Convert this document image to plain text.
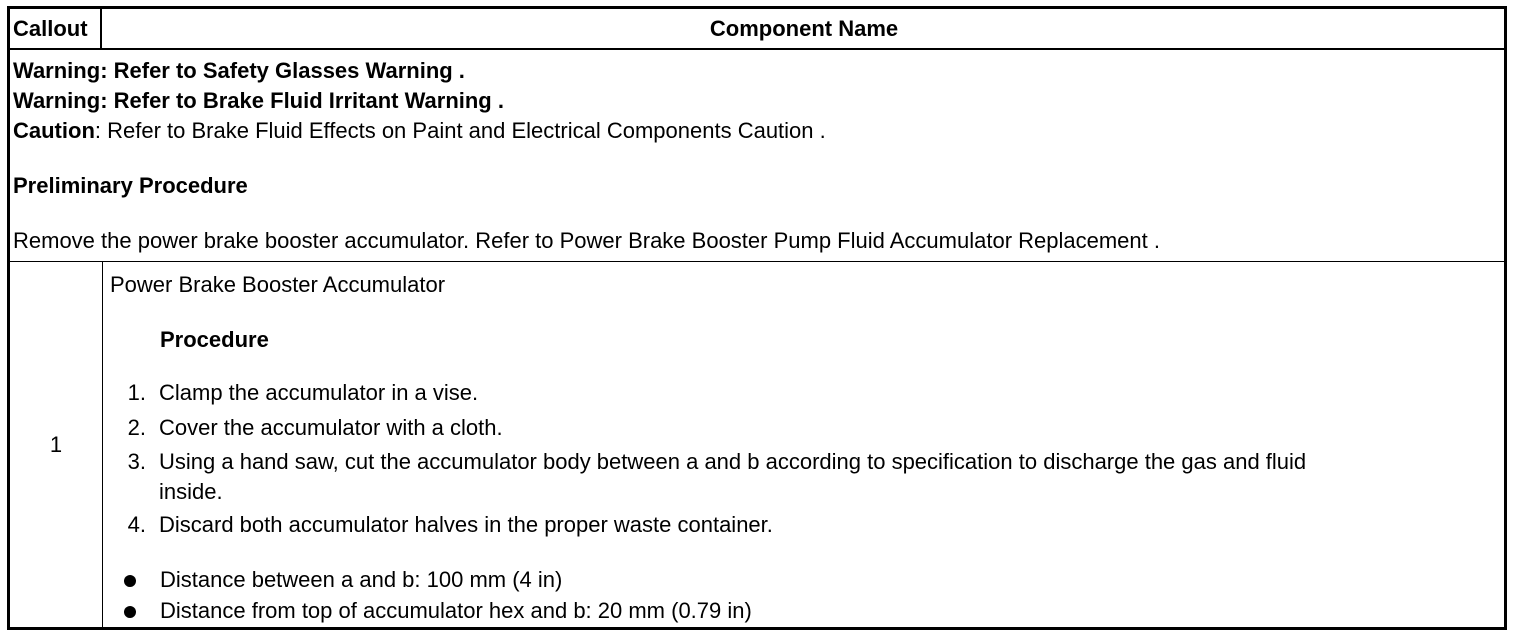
Callout	Component Name
Warning: Refer to Safety Glasses Warning .
Warning: Refer to Brake Fluid Irritant Warning .
Caution: Refer to Brake Fluid Effects on Paint and Electrical Components Caution .
Preliminary Procedure
Remove the power brake booster accumulator. Refer to Power Brake Booster Pump Fluid Accumulator Replacement .
1
Power Brake Booster Accumulator
Procedure
1. Clamp the accumulator in a vise.
2. Cover the accumulator with a cloth.
3. Using a hand saw, cut the accumulator body between a and b according to specification to discharge the gas and fluid
inside.
4. Discard both accumulator halves in the proper waste container.
Distance between a and b: 100 mm (4 in)
Distance from top of accumulator hex and b: 20 mm (0.79 in)
